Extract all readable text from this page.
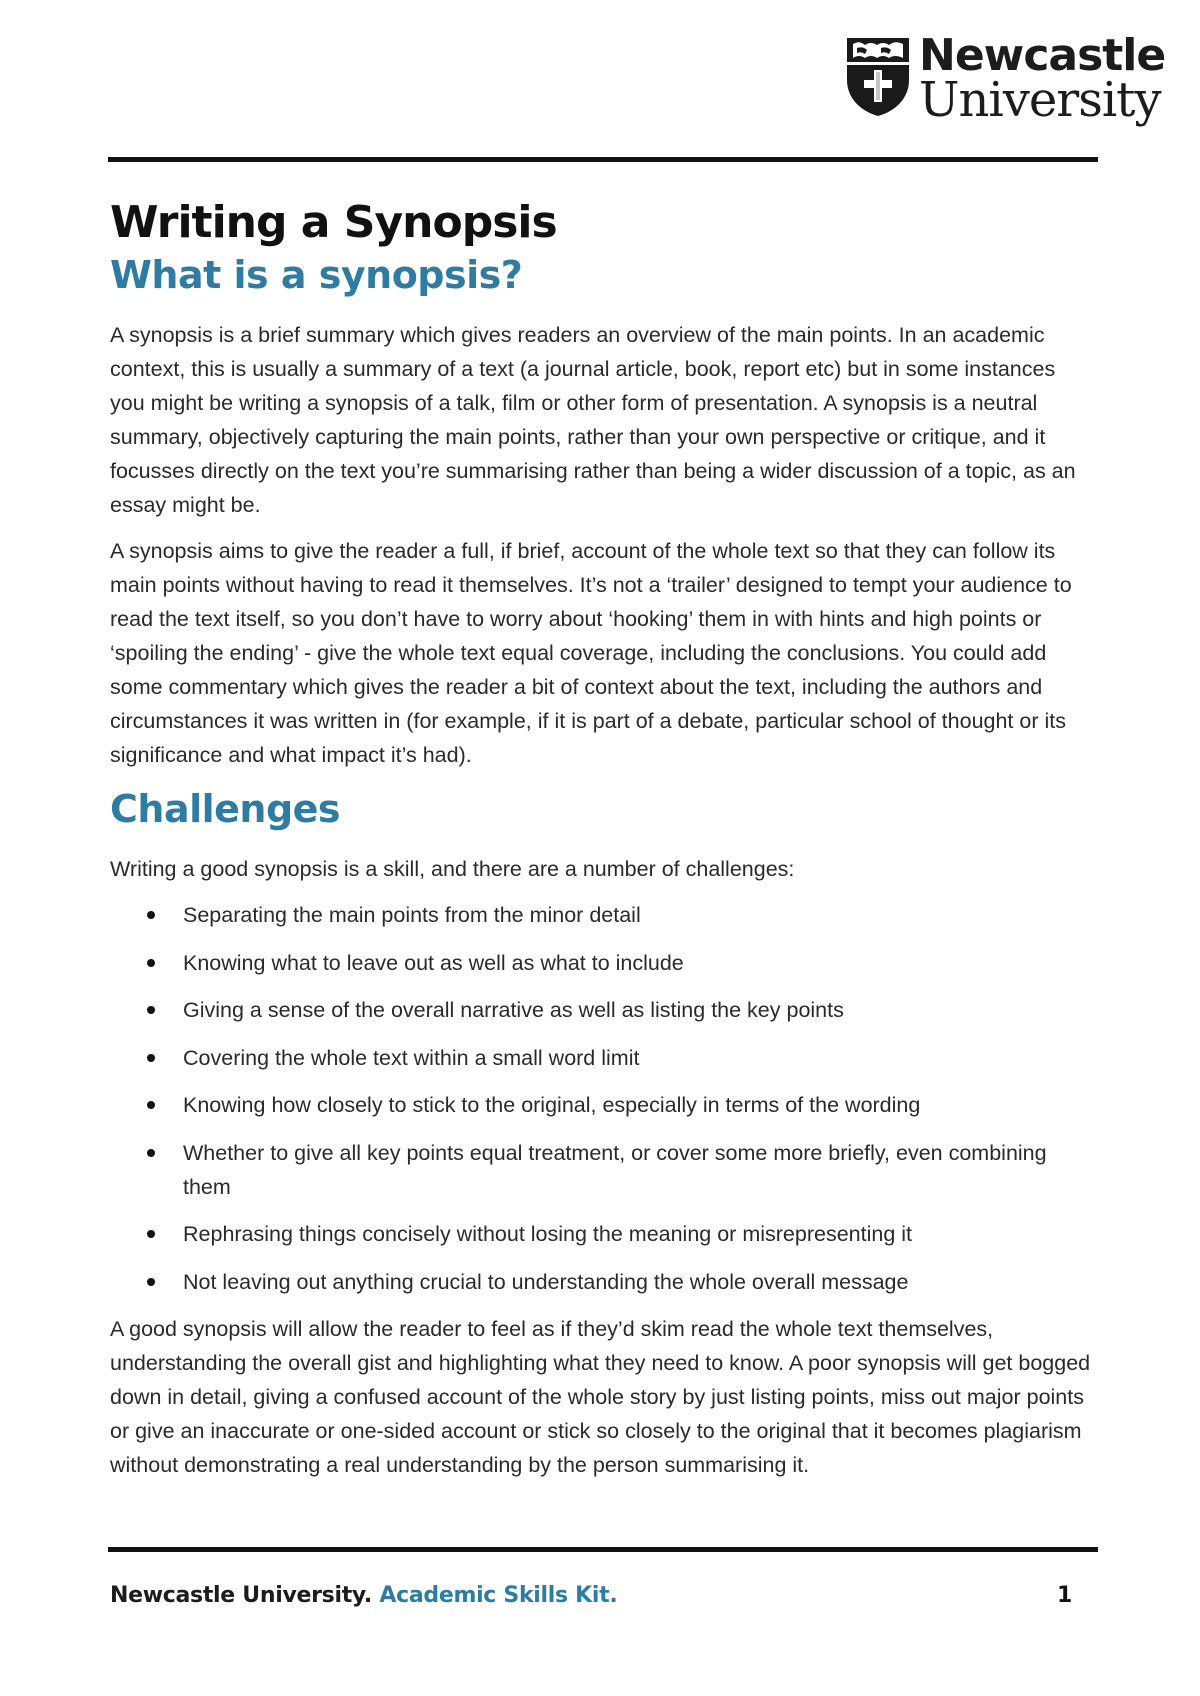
Newcastle
University
Writing a Synopsis
What is a synopsis?

A synopsis is a brief summary which gives readers an overview of the main points. In an academic context, this is usually a summary of a text (a journal article, book, report etc) but in some instances you might be writing a synopsis of a talk, film or other form of presentation. A synopsis is a neutral summary, objectively capturing the main points, rather than your own perspective or critique, and it focusses directly on the text you’re summarising rather than being a wider discussion of a topic, as an essay might be.

A synopsis aims to give the reader a full, if brief, account of the whole text so that they can follow its main points without having to read it themselves. It’s not a ‘trailer’ designed to tempt your audience to read the text itself, so you don’t have to worry about ‘hooking’ them in with hints and high points or ‘spoiling the ending’ - give the whole text equal coverage, including the conclusions. You could add some commentary which gives the reader a bit of context about the text, including the authors and circumstances it was written in (for example, if it is part of a debate, particular school of thought or its significance and what impact it’s had).

Challenges

Writing a good synopsis is a skill, and there are a number of challenges:

Separating the main points from the minor detail
Knowing what to leave out as well as what to include
Giving a sense of the overall narrative as well as listing the key points
Covering the whole text within a small word limit
Knowing how closely to stick to the original, especially in terms of the wording
Whether to give all key points equal treatment, or cover some more briefly, even combining them
Rephrasing things concisely without losing the meaning or misrepresenting it
Not leaving out anything crucial to understanding the whole overall message

A good synopsis will allow the reader to feel as if they’d skim read the whole text themselves, understanding the overall gist and highlighting what they need to know. A poor synopsis will get bogged down in detail, giving a confused account of the whole story by just listing points, miss out major points or give an inaccurate or one-sided account or stick so closely to the original that it becomes plagiarism without demonstrating a real understanding by the person summarising it.

Newcastle University. Academic Skills Kit.	1
